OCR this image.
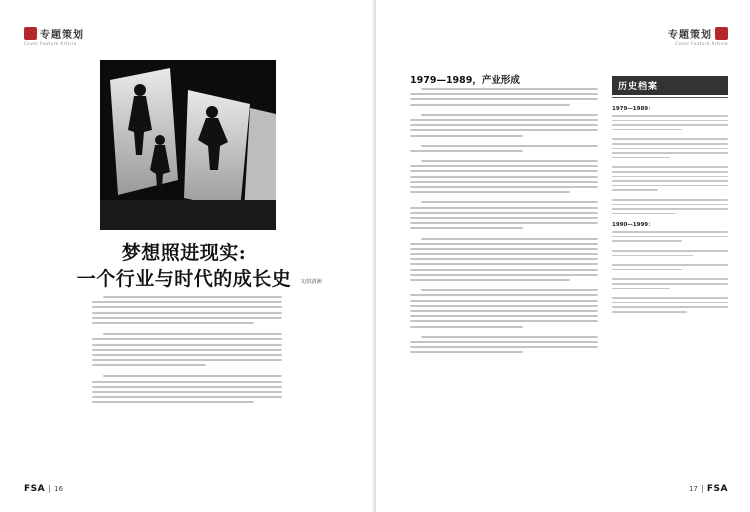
专题策划
Cover Feature Article
梦想照进现实:
一个行业与时代的成长史	文/洪清洲
FSA 16
专题策划
Cover Feature Article
1979—1989，产业形成
历史档案
1979—1989：
1990—1999：
17 FSA
